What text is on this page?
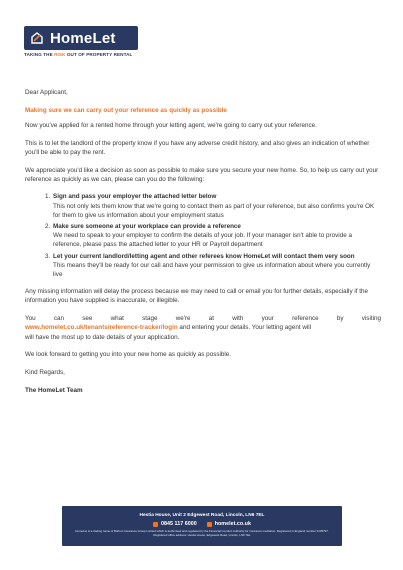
HomeLet
TAKING THE RISK OUT OF PROPERTY RENTAL

Dear Applicant,

Making sure we can carry out your reference as quickly as possible

Now you've applied for a rented home through your letting agent, we're going to carry out your reference.

This is to let the landlord of the property know if you have any adverse credit history, and also gives an indication of whether you'll be able to pay the rent.

We appreciate you'd like a decision as soon as possible to make sure you secure your new home. So, to help us carry out your reference as quickly as we can, please can you do the following:

1. Sign and pass your employer the attached letter below
This not only lets them know that we're going to contact them as part of your reference, but also confirms you're OK for them to give us information about your employment status
2. Make sure someone at your workplace can provide a reference
We need to speak to your employer to confirm the details of your job. If your manager isn't able to provide a reference, please pass the attached letter to your HR or Payroll department
3. Let your current landlord/letting agent and other referees know HomeLet will contact them very soon
This means they'll be ready for our call and have your permission to give us information about where you currently live

Any missing information will delay the process because we may need to call or email you for further details, especially if the information you have supplied is inaccurate, or illegible.

You	can	see	what	stage	we're	at	with	your	reference	by	visiting
www.homelet.co.uk/tenants/reference-tracker/login and entering your details. Your letting agent will
will have the most up to date details of your application.

We look forward to getting you into your new home as quickly as possible.

Kind Regards,

The HomeLet Team

Hestia House, Unit 2 Edgewest Road, Lincoln, LN6 7EL
0845 117 6000	homelet.co.uk
HomeLet is a trading name of Barbon Insurance Group Limited which is authorised and regulated by the Financial Conduct Authority for insurance mediation. Registered in England number 3135797. Registered office address: Hestia House, Edgewest Road, Lincoln, LN6 7EL
